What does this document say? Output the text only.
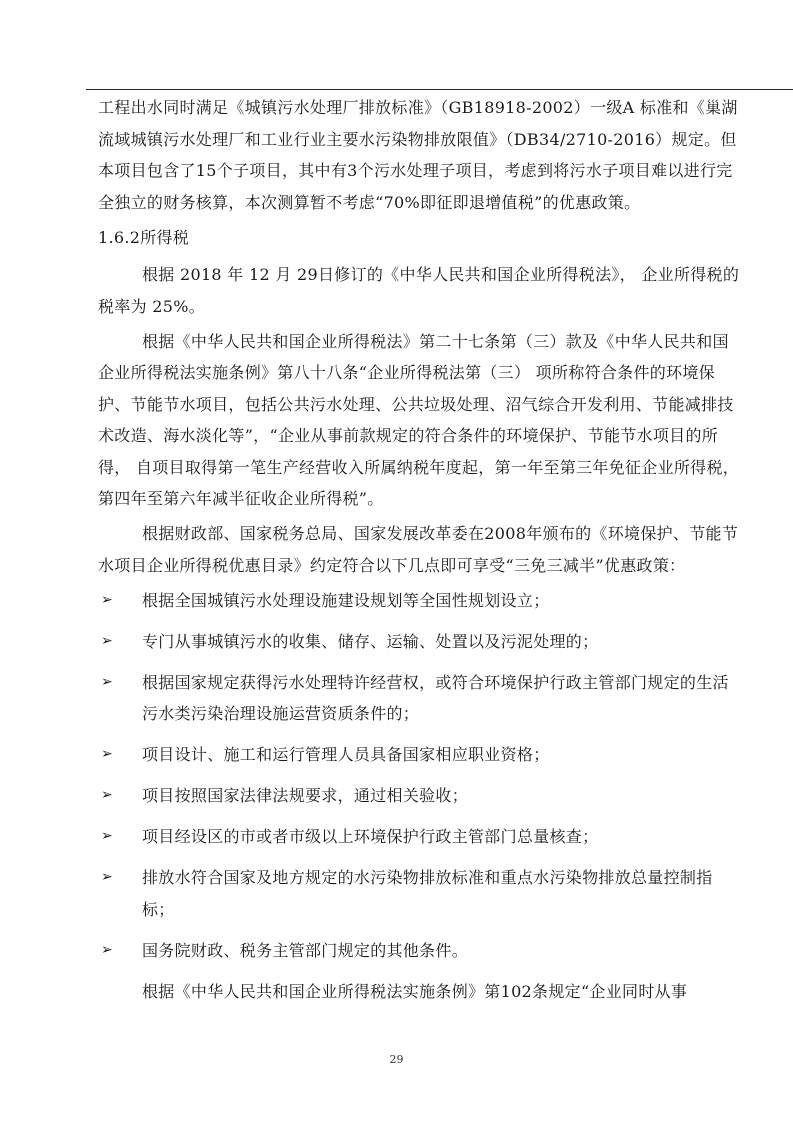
工程出水同时满足《城镇污水处理厂排放标准》（GB18918-2002）一级A 标准和《巢湖流域城镇污水处理厂和工业行业主要水污染物排放限值》（DB34/2710-2016）规定。但本项目包含了15个子项目，其中有3个污水处理子项目，考虑到将污水子项目难以进行完全独立的财务核算，本次测算暂不考虑“70%即征即退增值税”的优惠政策。

1.6.2所得税

根据 2018 年 12 月 29日修订的《中华人民共和国企业所得税法》， 企业所得税的税率为 25%。

根据《中华人民共和国企业所得税法》第二十七条第（三）款及《中华人民共和国企业所得税法实施条例》第八十八条“企业所得税法第（三） 项所称符合条件的环境保护、节能节水项目，包括公共污水处理、公共垃圾处理、沼气综合开发利用、节能减排技术改造、海水淡化等”，“企业从事前款规定的符合条件的环境保护、节能节水项目的所得， 自项目取得第一笔生产经营收入所属纳税年度起，第一年至第三年免征企业所得税，第四年至第六年减半征收企业所得税”。

根据财政部、国家税务总局、国家发展改革委在2008年颁布的《环境保护、节能节水项目企业所得税优惠目录》约定符合以下几点即可享受“三免三减半”优惠政策：

➢ 根据全国城镇污水处理设施建设规划等全国性规划设立；
➢ 专门从事城镇污水的收集、储存、运输、处置以及污泥处理的；
➢ 根据国家规定获得污水处理特许经营权，或符合环境保护行政主管部门规定的生活污水类污染治理设施运营资质条件的；
➢ 项目设计、施工和运行管理人员具备国家相应职业资格；
➢ 项目按照国家法律法规要求，通过相关验收；
➢ 项目经设区的市或者市级以上环境保护行政主管部门总量核查；
➢ 排放水符合国家及地方规定的水污染物排放标准和重点水污染物排放总量控制指标；
➢ 国务院财政、税务主管部门规定的其他条件。

根据《中华人民共和国企业所得税法实施条例》第102条规定“企业同时从事

29
